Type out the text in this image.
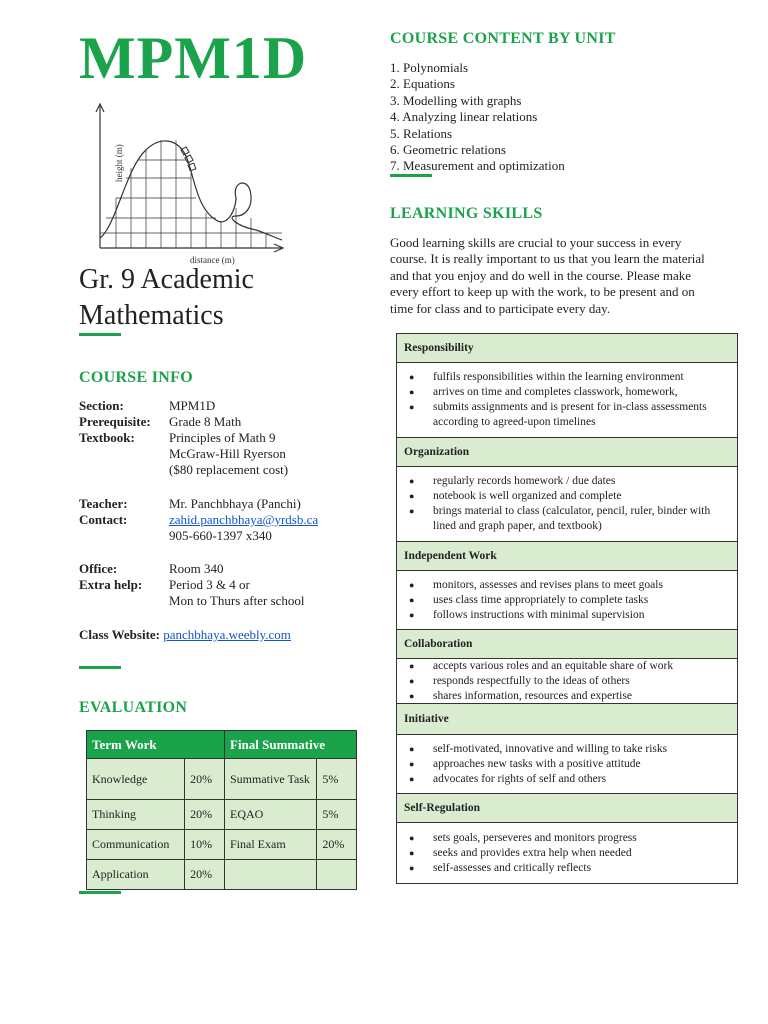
MPM1D
height (m)
distance (m)
Gr. 9 Academic
Mathematics
COURSE INFO
Section:	MPM1D
Prerequisite: Grade 8 Math
Textbook:	Principles of Math 9
McGraw-Hill Ryerson
($80 replacement cost)
Teacher:	Mr. Panchbhaya (Panchi)
Contact:	zahid.panchbhaya@yrdsb.ca
905-660-1397 x340
Office:	Room 340
Extra help: Period 3 & 4 or
Mon to Thurs after school
Class Website: panchbhaya.weebly.com
EVALUATION
Term Work		Final Summative	
Knowledge	20%	Summative Task	5%
Thinking	20%	EQAO	5%
Communication	10%	Final Exam	20%
Application	20%		
COURSE CONTENT BY UNIT
1. Polynomials
2. Equations
3. Modelling with graphs
4. Analyzing linear relations
5. Relations
6. Geometric relations
7. Measurement and optimization
LEARNING SKILLS
Good learning skills are crucial to your success in every course. It is really important to us that you learn the material and that you enjoy and do well in the course. Please make every effort to keep up with the work, to be present and on time for class and to participate every day.
Responsibility
● fulfils responsibilities within the learning environment
● arrives on time and completes classwork, homework,
● submits assignments and is present for in-class assessments according to agreed-upon timelines
Organization
● regularly records homework / due dates
● notebook is well organized and complete
● brings material to class (calculator, pencil, ruler, binder with lined and graph paper, and textbook)
Independent Work
● monitors, assesses and revises plans to meet goals
● uses class time appropriately to complete tasks
● follows instructions with minimal supervision
Collaboration
● accepts various roles and an equitable share of work
● responds respectfully to the ideas of others
● shares information, resources and expertise
Initiative
● self-motivated, innovative and willing to take risks
● approaches new tasks with a positive attitude
● advocates for rights of self and others
Self-Regulation
● sets goals, perseveres and monitors progress
● seeks and provides extra help when needed
● self-assesses and critically reflects
